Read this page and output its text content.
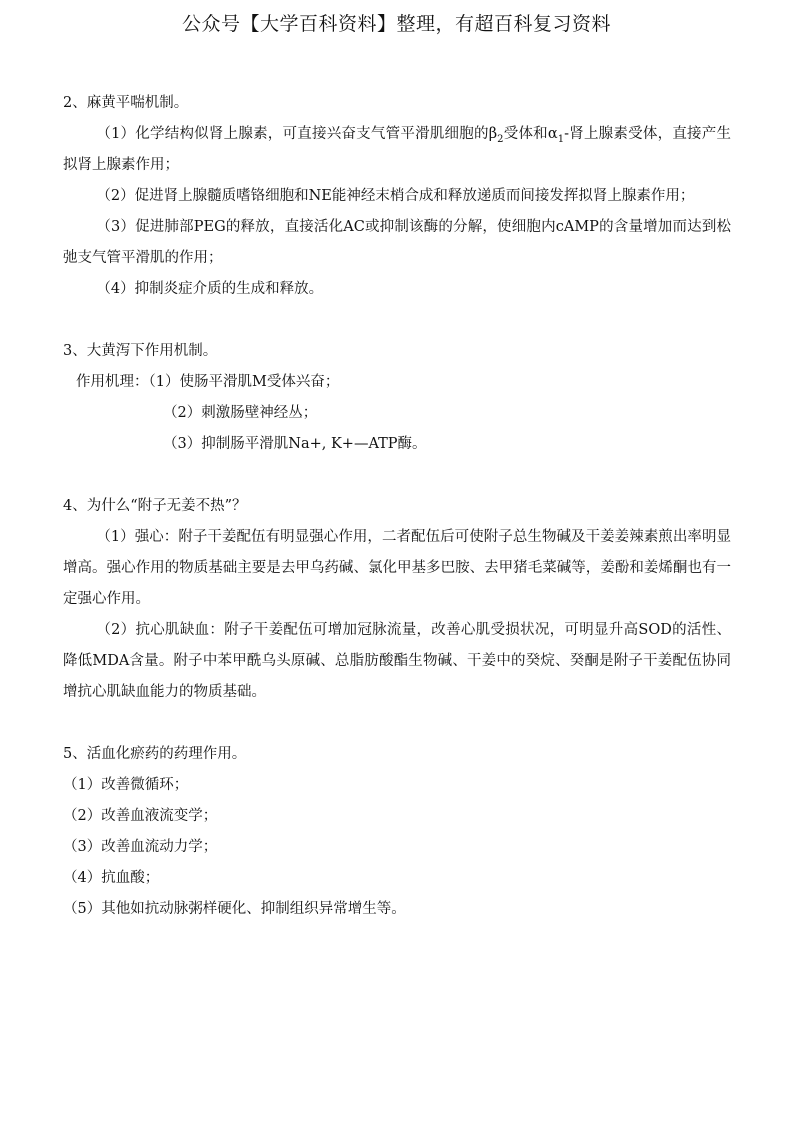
公众号【大学百科资料】整理，有超百科复习资料
2、麻黄平喘机制。
（1）化学结构似肾上腺素，可直接兴奋支气管平滑肌细胞的$\beta_2$受体和$\alpha_1-$肾上腺素受体，直接产生拟肾上腺素作用；
（2）促进肾上腺髓质嗜铬细胞和NE能神经末梢合成和释放递质而间接发挥拟肾上腺素作用；
（3）促进肺部PEG的释放，直接活化AC或抑制该酶的分解，使细胞内cAMP的含量增加而达到松弛支气管平滑肌的作用；
（4）抑制炎症介质的生成和释放。
3、大黄泻下作用机制。
作用机理：（1）使肠平滑肌M受体兴奋；
（2）刺激肠壁神经丛；
（3）抑制肠平滑肌Na+, K+—ATP酶。
4、为什么“附子无姜不热”？
（1）强心：附子干姜配伍有明显强心作用，二者配伍后可使附子总生物碱及干姜姜辣素煎出率明显增高。强心作用的物质基础主要是去甲乌药碱、氯化甲基多巴胺、去甲猪毛菜碱等，姜酚和姜烯酮也有一定强心作用。
（2）抗心肌缺血：附子干姜配伍可增加冠脉流量，改善心肌受损状况，可明显升高SOD的活性、降低MDA含量。附子中苯甲酰乌头原碱、总脂肪酸酯生物碱、干姜中的癸烷、癸酮是附子干姜配伍协同增抗心肌缺血能力的物质基础。
5、活血化瘀药的药理作用。
（1）改善微循环；
（2）改善血液流变学；
（3）改善血流动力学；
（4）抗血酸；
（5）其他如抗动脉粥样硬化、抑制组织异常增生等。
